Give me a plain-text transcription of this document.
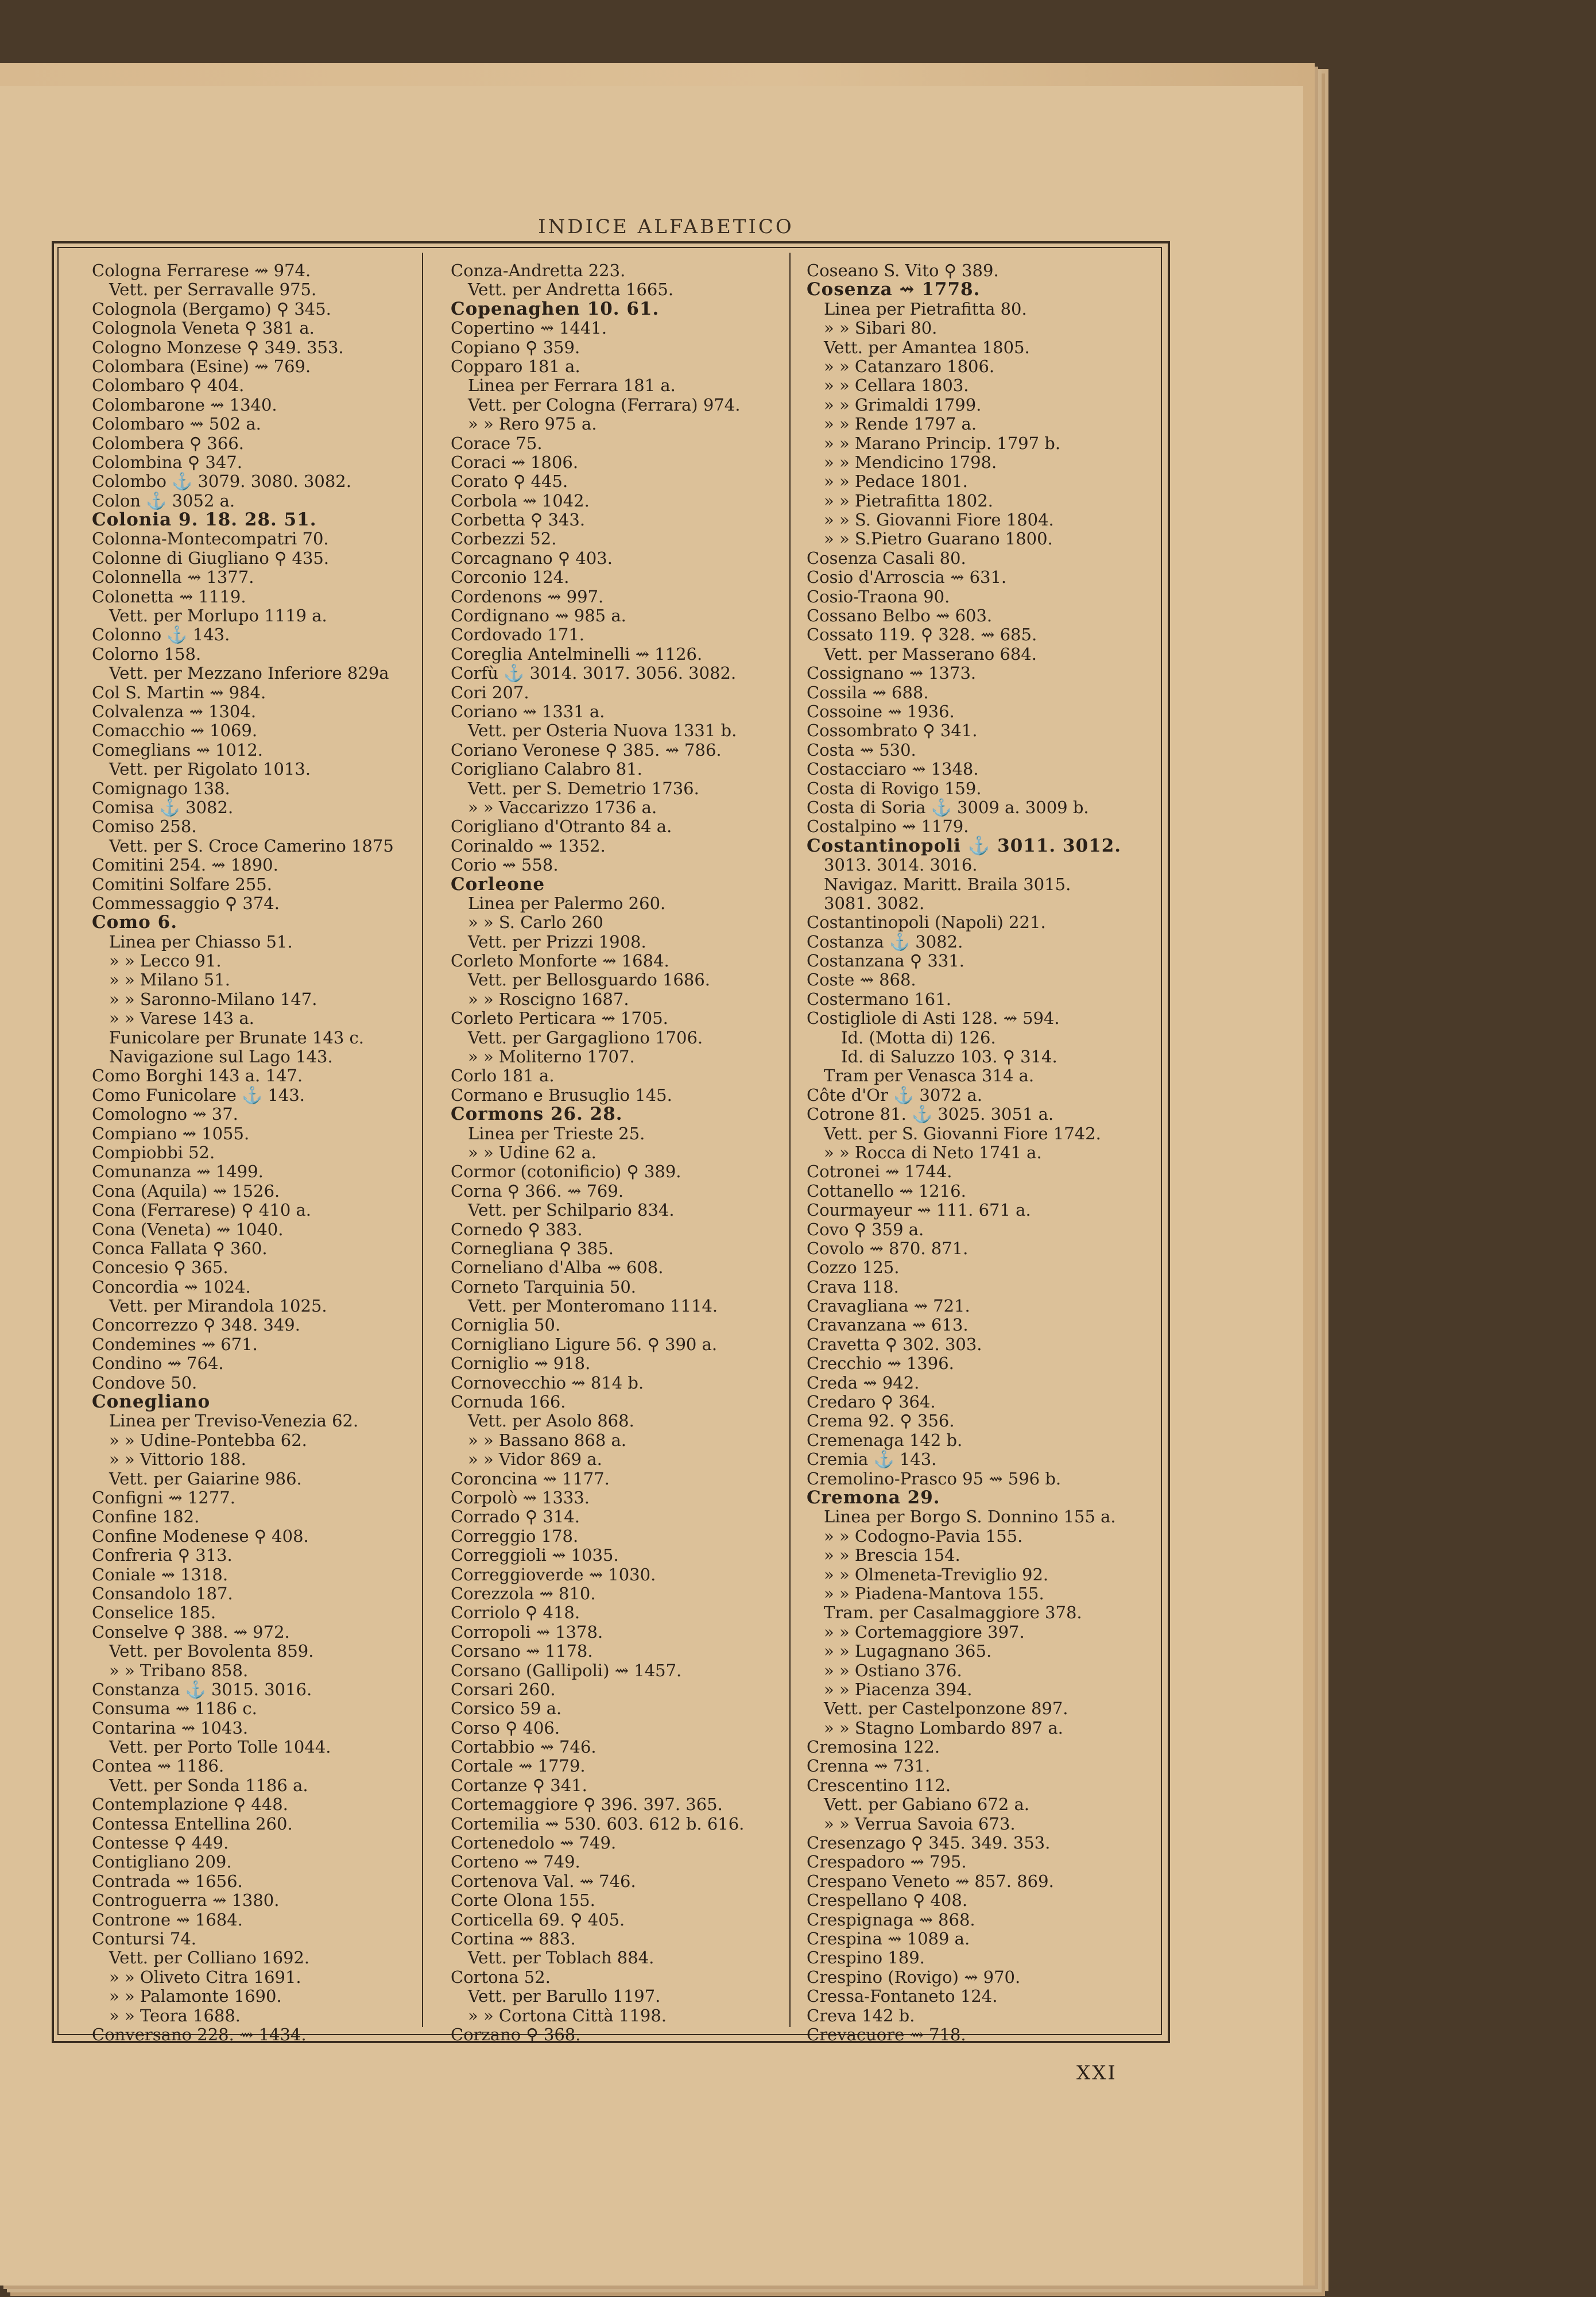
INDICE ALFABETICO
Cologna Ferrarese ⇝ 974.
Vett. per Serravalle 975.
Colognola (Bergamo) ⚲ 345.
Colognola Veneta ⚲ 381 a.
Cologno Monzese ⚲ 349. 353.
Colombara (Esine) ⇝ 769.
Colombaro ⚲ 404.
Colombarone ⇝ 1340.
Colombaro ⇝ 502 a.
Colombera ⚲ 366.
Colombina ⚲ 347.
Colombo ⚓ 3079. 3080. 3082.
Colon ⚓ 3052 a.
Colonia 9. 18. 28. 51.
Colonna-Montecompatri 70.
Colonne di Giugliano ⚲ 435.
Colonnella ⇝ 1377.
Colonetta ⇝ 1119.
Vett. per Morlupo 1119 a.
Colonno ⚓ 143.
Colorno 158.
Vett. per Mezzano Inferiore 829a
Col S. Martin ⇝ 984.
Colvalenza ⇝ 1304.
Comacchio ⇝ 1069.
Comeglians ⇝ 1012.
Vett. per Rigolato 1013.
Comignago 138.
Comisa ⚓ 3082.
Comiso 258.
Vett. per S. Croce Camerino 1875
Comitini 254. ⇝ 1890.
Comitini Solfare 255.
Commessaggio ⚲ 374.
Como 6.
Linea per Chiasso 51.
» » Lecco 91.
» » Milano 51.
» » Saronno-Milano 147.
» » Varese 143 a.
Funicolare per Brunate 143 c.
Navigazione sul Lago 143.
Como Borghi 143 a. 147.
Como Funicolare ⚓ 143.
Comologno ⇝ 37.
Compiano ⇝ 1055.
Compiobbi 52.
Comunanza ⇝ 1499.
Cona (Aquila) ⇝ 1526.
Cona (Ferrarese) ⚲ 410 a.
Cona (Veneta) ⇝ 1040.
Conca Fallata ⚲ 360.
Concesio ⚲ 365.
Concordia ⇝ 1024.
Vett. per Mirandola 1025.
Concorrezzo ⚲ 348. 349.
Condemines ⇝ 671.
Condino ⇝ 764.
Condove 50.
Conegliano
Linea per Treviso-Venezia 62.
» » Udine-Pontebba 62.
» » Vittorio 188.
Vett. per Gaiarine 986.
Configni ⇝ 1277.
Confine 182.
Confine Modenese ⚲ 408.
Confreria ⚲ 313.
Coniale ⇝ 1318.
Consandolo 187.
Conselice 185.
Conselve ⚲ 388. ⇝ 972.
Vett. per Bovolenta 859.
» » Tribano 858.
Constanza ⚓ 3015. 3016.
Consuma ⇝ 1186 c.
Contarina ⇝ 1043.
Vett. per Porto Tolle 1044.
Contea ⇝ 1186.
Vett. per Sonda 1186 a.
Contemplazione ⚲ 448.
Contessa Entellina 260.
Contesse ⚲ 449.
Contigliano 209.
Contrada ⇝ 1656.
Controguerra ⇝ 1380.
Controne ⇝ 1684.
Contursi 74.
Vett. per Colliano 1692.
» » Oliveto Citra 1691.
» » Palamonte 1690.
» » Teora 1688.
Conversano 228. ⇝ 1434.
Conza-Andretta 223.
Vett. per Andretta 1665.
Copenaghen 10. 61.
Copertino ⇝ 1441.
Copiano ⚲ 359.
Copparo 181 a.
Linea per Ferrara 181 a.
Vett. per Cologna (Ferrara) 974.
» » Rero 975 a.
Corace 75.
Coraci ⇝ 1806.
Corato ⚲ 445.
Corbola ⇝ 1042.
Corbetta ⚲ 343.
Corbezzi 52.
Corcagnano ⚲ 403.
Corconio 124.
Cordenons ⇝ 997.
Cordignano ⇝ 985 a.
Cordovado 171.
Coreglia Antelminelli ⇝ 1126.
Corfù ⚓ 3014. 3017. 3056. 3082.
Cori 207.
Coriano ⇝ 1331 a.
Vett. per Osteria Nuova 1331 b.
Coriano Veronese ⚲ 385. ⇝ 786.
Corigliano Calabro 81.
Vett. per S. Demetrio 1736.
» » Vaccarizzo 1736 a.
Corigliano d'Otranto 84 a.
Corinaldo ⇝ 1352.
Corio ⇝ 558.
Corleone
Linea per Palermo 260.
» » S. Carlo 260
Vett. per Prizzi 1908.
Corleto Monforte ⇝ 1684.
Vett. per Bellosguardo 1686.
» » Roscigno 1687.
Corleto Perticara ⇝ 1705.
Vett. per Gargagliono 1706.
» » Moliterno 1707.
Corlo 181 a.
Cormano e Brusuglio 145.
Cormons 26. 28.
Linea per Trieste 25.
» » Udine 62 a.
Cormor (cotonificio) ⚲ 389.
Corna ⚲ 366. ⇝ 769.
Vett. per Schilpario 834.
Cornedo ⚲ 383.
Cornegliana ⚲ 385.
Corneliano d'Alba ⇝ 608.
Corneto Tarquinia 50.
Vett. per Monteromano 1114.
Corniglia 50.
Cornigliano Ligure 56. ⚲ 390 a.
Corniglio ⇝ 918.
Cornovecchio ⇝ 814 b.
Cornuda 166.
Vett. per Asolo 868.
» » Bassano 868 a.
» » Vidor 869 a.
Coroncina ⇝ 1177.
Corpolò ⇝ 1333.
Corrado ⚲ 314.
Correggio 178.
Correggioli ⇝ 1035.
Correggioverde ⇝ 1030.
Corezzola ⇝ 810.
Corriolo ⚲ 418.
Corropoli ⇝ 1378.
Corsano ⇝ 1178.
Corsano (Gallipoli) ⇝ 1457.
Corsari 260.
Corsico 59 a.
Corso ⚲ 406.
Cortabbio ⇝ 746.
Cortale ⇝ 1779.
Cortanze ⚲ 341.
Cortemaggiore ⚲ 396. 397. 365.
Cortemilia ⇝ 530. 603. 612 b. 616.
Cortenedolo ⇝ 749.
Corteno ⇝ 749.
Cortenova Val. ⇝ 746.
Corte Olona 155.
Corticella 69. ⚲ 405.
Cortina ⇝ 883.
Vett. per Toblach 884.
Cortona 52.
Vett. per Barullo 1197.
» » Cortona Città 1198.
Corzano ⚲ 368.
Coseano S. Vito ⚲ 389.
Cosenza ⇝ 1778.
Linea per Pietrafitta 80.
» » Sibari 80.
Vett. per Amantea 1805.
» » Catanzaro 1806.
» » Cellara 1803.
» » Grimaldi 1799.
» » Rende 1797 a.
» » Marano Princip. 1797 b.
» » Mendicino 1798.
» » Pedace 1801.
» » Pietrafitta 1802.
» » S. Giovanni Fiore 1804.
» » S.Pietro Guarano 1800.
Cosenza Casali 80.
Cosio d'Arroscia ⇝ 631.
Cosio-Traona 90.
Cossano Belbo ⇝ 603.
Cossato 119. ⚲ 328. ⇝ 685.
Vett. per Masserano 684.
Cossignano ⇝ 1373.
Cossila ⇝ 688.
Cossoine ⇝ 1936.
Cossombrato ⚲ 341.
Costa ⇝ 530.
Costacciaro ⇝ 1348.
Costa di Rovigo 159.
Costa di Soria ⚓ 3009 a. 3009 b.
Costalpino ⇝ 1179.
Costantinopoli ⚓ 3011. 3012.
3013. 3014. 3016.
Navigaz. Maritt. Braila 3015.
3081. 3082.
Costantinopoli (Napoli) 221.
Costanza ⚓ 3082.
Costanzana ⚲ 331.
Coste ⇝ 868.
Costermano 161.
Costigliole di Asti 128. ⇝ 594.
Id. (Motta di) 126.
Id. di Saluzzo 103. ⚲ 314.
Tram per Venasca 314 a.
Côte d'Or ⚓ 3072 a.
Cotrone 81. ⚓ 3025. 3051 a.
Vett. per S. Giovanni Fiore 1742.
» » Rocca di Neto 1741 a.
Cotronei ⇝ 1744.
Cottanello ⇝ 1216.
Courmayeur ⇝ 111. 671 a.
Covo ⚲ 359 a.
Covolo ⇝ 870. 871.
Cozzo 125.
Crava 118.
Cravagliana ⇝ 721.
Cravanzana ⇝ 613.
Cravetta ⚲ 302. 303.
Crecchio ⇝ 1396.
Creda ⇝ 942.
Credaro ⚲ 364.
Crema 92. ⚲ 356.
Cremenaga 142 b.
Cremia ⚓ 143.
Cremolino-Prasco 95 ⇝ 596 b.
Cremona 29.
Linea per Borgo S. Donnino 155 a.
» » Codogno-Pavia 155.
» » Brescia 154.
» » Olmeneta-Treviglio 92.
» » Piadena-Mantova 155.
Tram. per Casalmaggiore 378.
» » Cortemaggiore 397.
» » Lugagnano 365.
» » Ostiano 376.
» » Piacenza 394.
Vett. per Castelponzone 897.
» » Stagno Lombardo 897 a.
Cremosina 122.
Crenna ⇝ 731.
Crescentino 112.
Vett. per Gabiano 672 a.
» » Verrua Savoia 673.
Cresenzago ⚲ 345. 349. 353.
Crespadoro ⇝ 795.
Crespano Veneto ⇝ 857. 869.
Crespellano ⚲ 408.
Crespignaga ⇝ 868.
Crespina ⇝ 1089 a.
Crespino 189.
Crespino (Rovigo) ⇝ 970.
Cressa-Fontaneto 124.
Creva 142 b.
Crevacuore ⇝ 718.
XXI
